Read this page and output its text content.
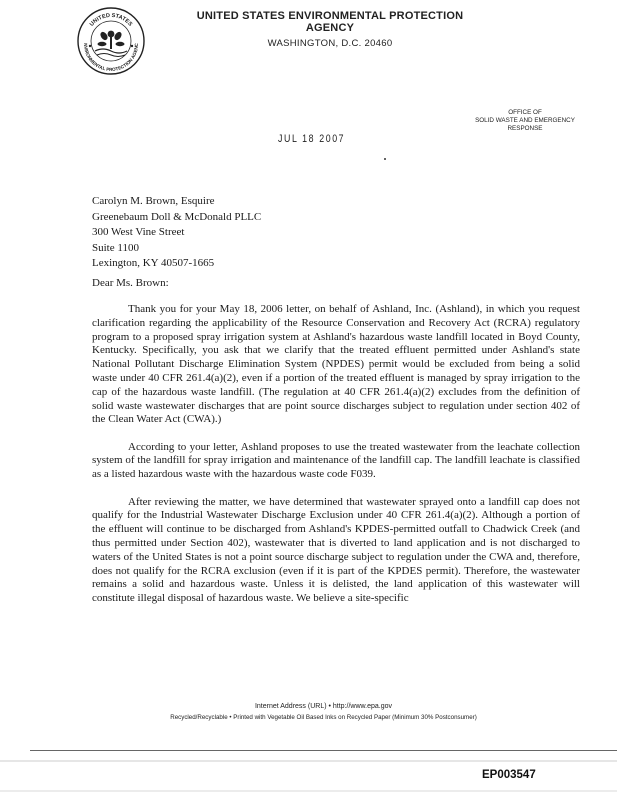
UNITED STATES
NVIRONMENTAL PROTECTION AGENC
UNITED STATES ENVIRONMENTAL PROTECTION AGENCY
WASHINGTON, D.C. 20460
OFFICE OF
SOLID WASTE AND EMERGENCY
RESPONSE
JUL 18 2007
Carolyn M. Brown, Esquire
Greenebaum Doll & McDonald PLLC
300 West Vine Street
Suite 1100
Lexington, KY 40507-1665
Dear Ms. Brown:

Thank you for your May 18, 2006 letter, on behalf of Ashland, Inc. (Ashland), in which you request clarification regarding the applicability of the Resource Conservation and Recovery Act (RCRA) regulatory program to a proposed spray irrigation system at Ashland's hazardous waste landfill located in Boyd County, Kentucky. Specifically, you ask that we clarify that the treated effluent permitted under Ashland's state National Pollutant Discharge Elimination System (NPDES) permit would be excluded from being a solid waste under 40 CFR 261.4(a)(2), even if a portion of the treated effluent is managed by spray irrigation to the cap of the hazardous waste landfill. (The regulation at 40 CFR 261.4(a)(2) excludes from the definition of solid waste wastewater discharges that are point source discharges subject to regulation under section 402 of the Clean Water Act (CWA).)

According to your letter, Ashland proposes to use the treated wastewater from the leachate collection system of the landfill for spray irrigation and maintenance of the landfill cap. The landfill leachate is classified as a listed hazardous waste with the hazardous waste code F039.

After reviewing the matter, we have determined that wastewater sprayed onto a landfill cap does not qualify for the Industrial Wastewater Discharge Exclusion under 40 CFR 261.4(a)(2). Although a portion of the effluent will continue to be discharged from Ashland's KPDES-permitted outfall to Chadwick Creek (and thus permitted under Section 402), wastewater that is diverted to land application and is not discharged to waters of the United States is not a point source discharge subject to regulation under the CWA and, therefore, does not qualify for the RCRA exclusion (even if it is part of the KPDES permit). Therefore, the wastewater remains a solid and hazardous waste. Unless it is delisted, the land application of this wastewater will constitute illegal disposal of hazardous waste. We believe a site-specific

Internet Address (URL) • http://www.epa.gov
Recycled/Recyclable • Printed with Vegetable Oil Based Inks on Recycled Paper (Minimum 30% Postconsumer)
EP003547
